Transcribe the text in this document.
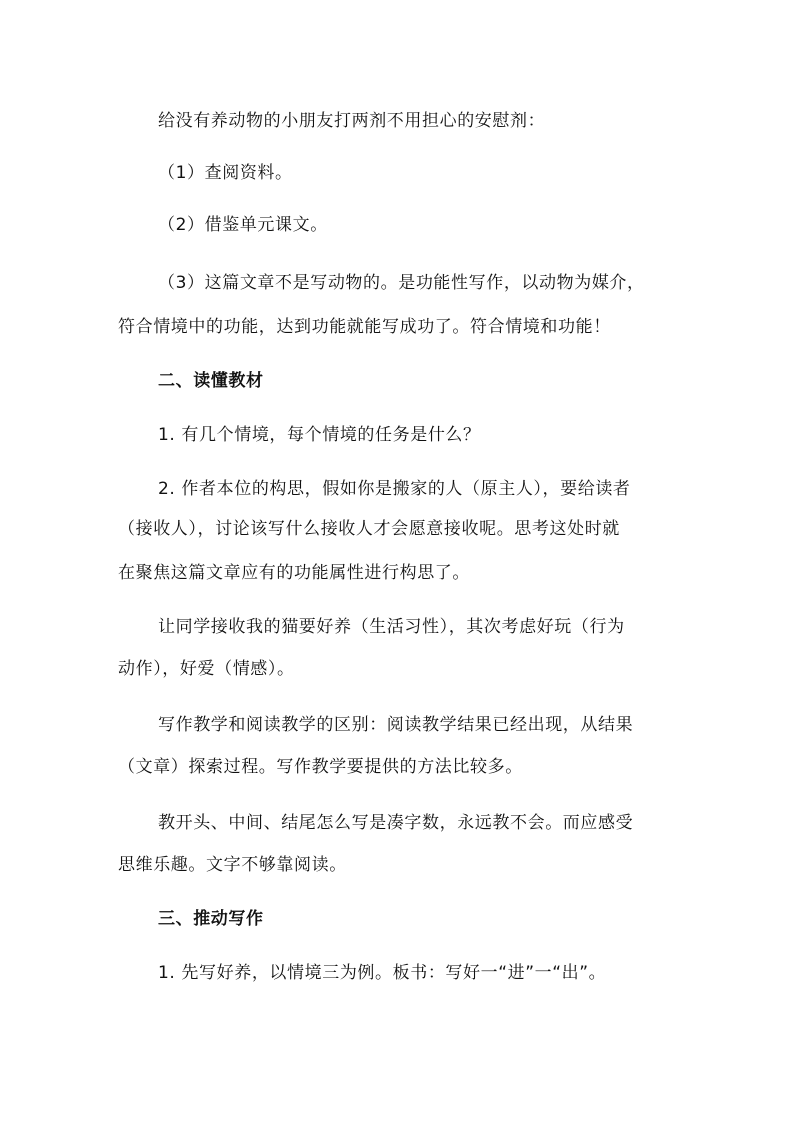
给没有养动物的小朋友打两剂不用担心的安慰剂：
（1）查阅资料。
（2）借鉴单元课文。
（3）这篇文章不是写动物的。是功能性写作，以动物为媒介，
符合情境中的功能，达到功能就能写成功了。符合情境和功能！
二、读懂教材
1. 有几个情境，每个情境的任务是什么？
2. 作者本位的构思，假如你是搬家的人（原主人），要给读者
（接收人），讨论该写什么接收人才会愿意接收呢。思考这处时就
在聚焦这篇文章应有的功能属性进行构思了。
让同学接收我的猫要好养（生活习性），其次考虑好玩（行为
动作），好爱（情感）。
写作教学和阅读教学的区别：阅读教学结果已经出现，从结果
（文章）探索过程。写作教学要提供的方法比较多。
教开头、中间、结尾怎么写是凑字数，永远教不会。而应感受
思维乐趣。文字不够靠阅读。
三、推动写作
1. 先写好养，以情境三为例。板书：写好一“进”一“出”。
